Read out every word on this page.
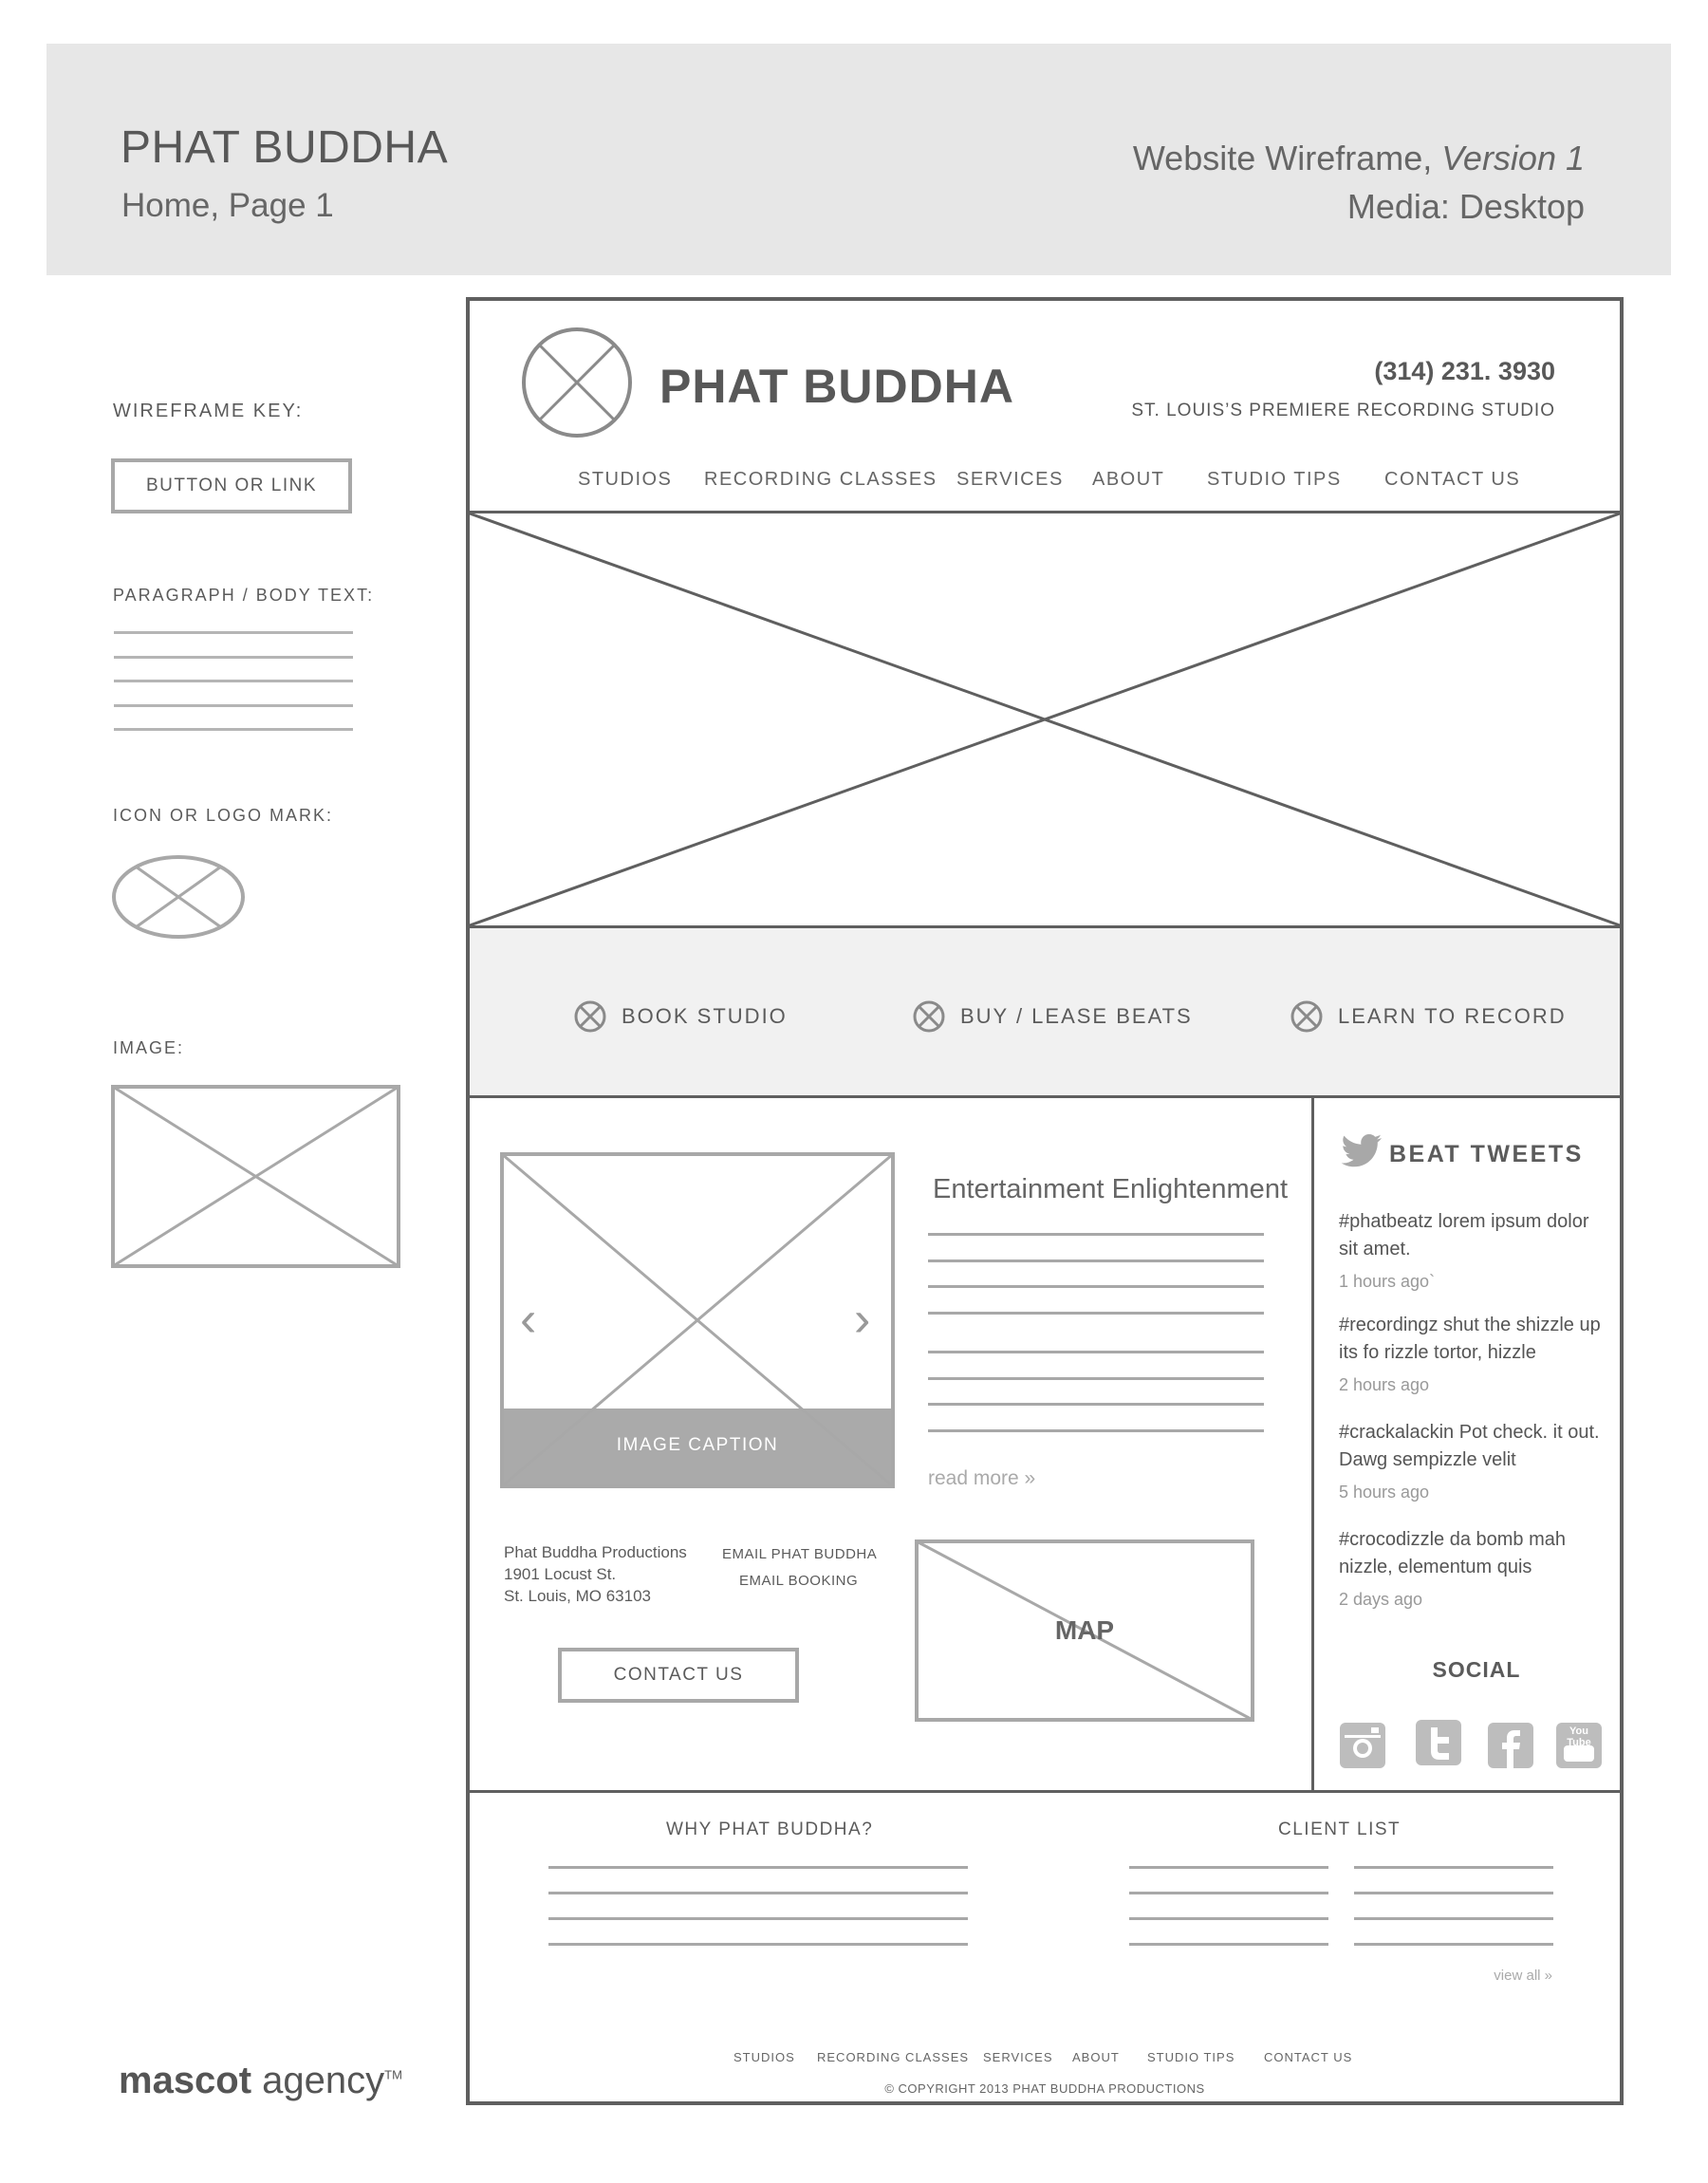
PHAT BUDDHA
Home, Page 1
Website Wireframe, Version 1
Media: Desktop
WIREFRAME KEY:
BUTTON OR LINK
PARAGRAPH / BODY TEXT:
ICON OR LOGO MARK:
IMAGE:
PHAT BUDDHA	(314) 231. 3930
ST. LOUIS’S PREMIERE RECORDING STUDIO
STUDIOS RECORDING CLASSES SERVICES ABOUT STUDIO TIPS CONTACT US
BOOK STUDIO	BUY / LEASE BEATS	LEARN TO RECORD
IMAGE CAPTION
‹	›
Entertainment Enlightenment
read more »
Phat Buddha Productions
1901 Locust St.
St. Louis, MO 63103
EMAIL PHAT BUDDHA
EMAIL BOOKING
CONTACT US
MAP
BEAT TWEETS
#phatbeatz lorem ipsum dolor sit amet.
1 hours ago`
#recordingz shut the shizzle up its fo rizzle tortor, hizzle
2 hours ago
#crackalackin Pot check. it out. Dawg sempizzle velit
5 hours ago
#crocodizzle da bomb mah nizzle, elementum quis
2 days ago
SOCIAL
You Tube
WHY PHAT BUDDHA?	CLIENT LIST
view all »
STUDIOS RECORDING CLASSES SERVICES ABOUT STUDIO TIPS CONTACT US
© COPYRIGHT 2013 PHAT BUDDHA PRODUCTIONS
mascot agency™
